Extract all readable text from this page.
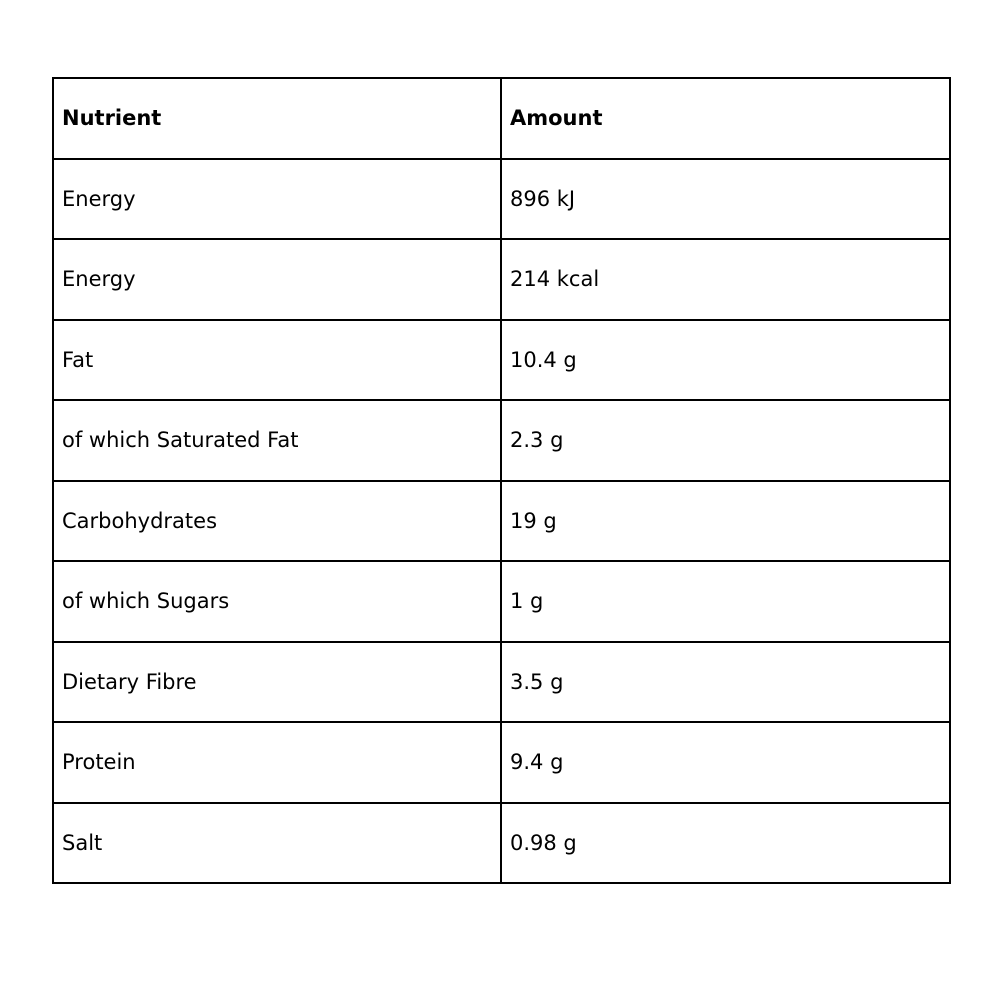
Nutrient	Amount
Energy	896 kJ
Energy	214 kcal
Fat	10.4 g
of which Saturated Fat	2.3 g
Carbohydrates	19 g
of which Sugars	1 g
Dietary Fibre	3.5 g
Protein	9.4 g
Salt	0.98 g
